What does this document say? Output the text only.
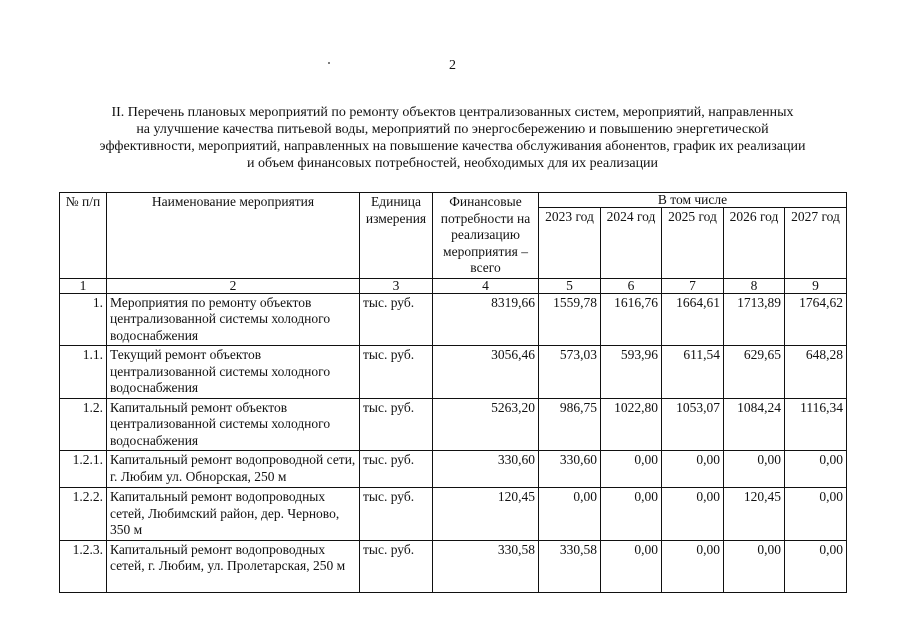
2
II. Перечень плановых мероприятий по ремонту объектов централизованных систем, мероприятий, направленных
на улучшение качества питьевой воды, мероприятий по энергосбережению и повышению энергетической
эффективности, мероприятий, направленных на повышение качества обслуживания абонентов, график их реализации
и объем финансовых потребностей, необходимых для их реализации
№ п/п	Наименование мероприятия	Единица измерения	Финансовые потребности на реализацию мероприятия – всего	В том числе				
				2023 год	2024 год	2025 год	2026 год	2027 год
1	2	3	4	5	6	7	8	9
1.	Мероприятия по ремонту объектов централизованной системы холодного водоснабжения	тыс. руб.	8319,66	1559,78	1616,76	1664,61	1713,89	1764,62
1.1.	Текущий ремонт объектов централизованной системы холодного водоснабжения	тыс. руб.	3056,46	573,03	593,96	611,54	629,65	648,28
1.2.	Капитальный ремонт объектов централизованной системы холодного водоснабжения	тыс. руб.	5263,20	986,75	1022,80	1053,07	1084,24	1116,34
1.2.1.	Капитальный ремонт водопроводной сети, г. Любим ул. Обнорская, 250 м	тыс. руб.	330,60	330,60	0,00	0,00	0,00	0,00
1.2.2.	Капитальный ремонт водопроводных сетей, Любимский район, дер. Черново, 350 м	тыс. руб.	120,45	0,00	0,00	0,00	120,45	0,00
1.2.3.	Капитальный ремонт водопроводных сетей, г. Любим, ул. Пролетарская, 250 м	тыс. руб.	330,58	330,58	0,00	0,00	0,00	0,00
